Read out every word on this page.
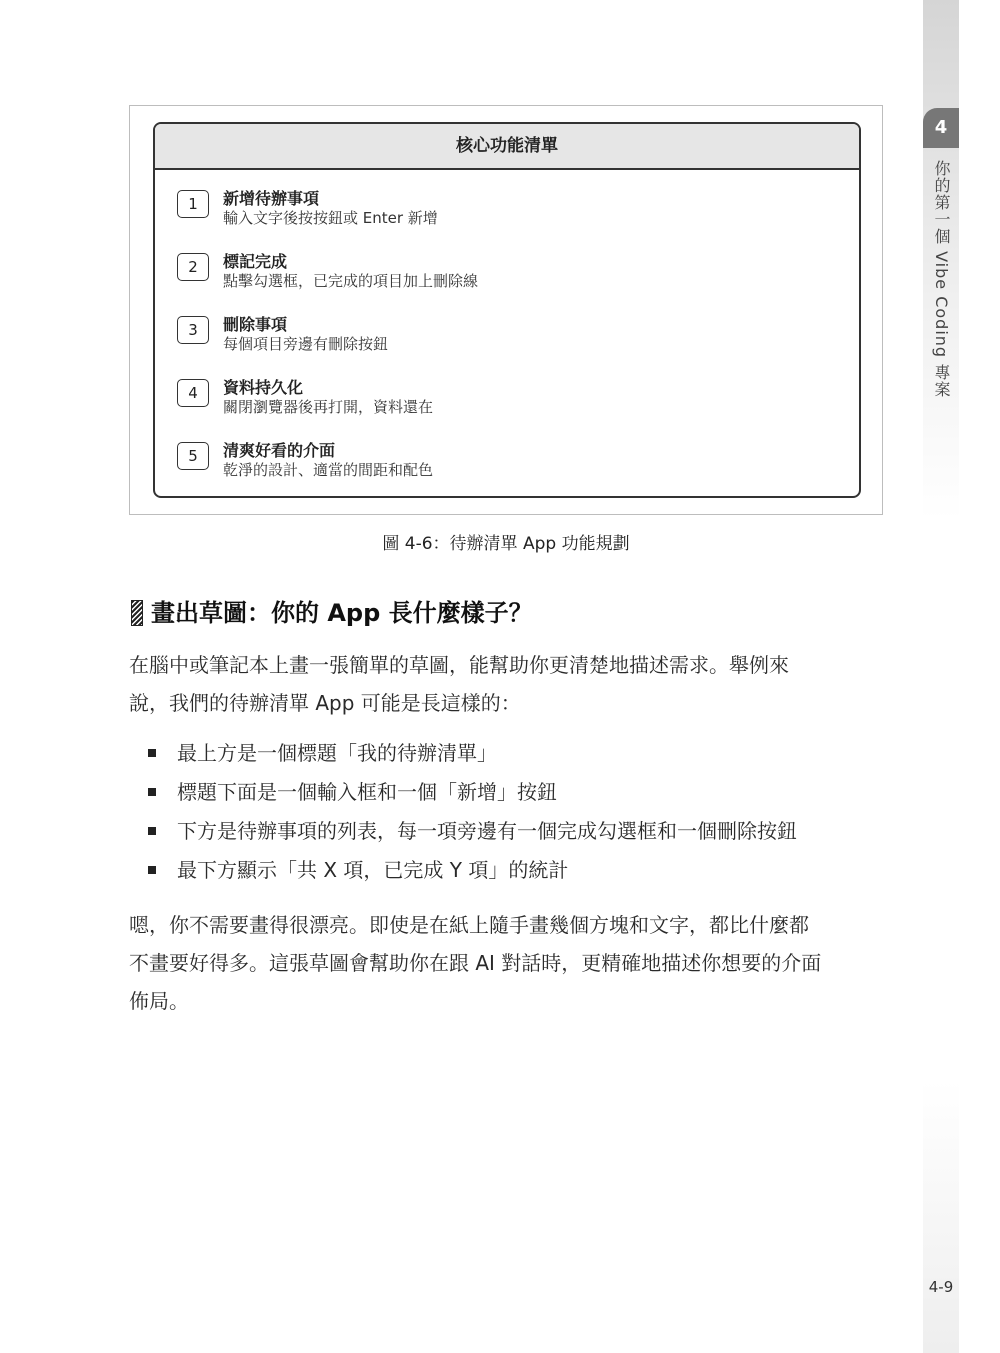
4
你的第一個 Vibe Coding 專案
核心功能清單
1	新增待辦事項
輸入文字後按按鈕或 Enter 新增
2	標記完成
點擊勾選框，已完成的項目加上刪除線
3	刪除事項
每個項目旁邊有刪除按鈕
4	資料持久化
關閉瀏覽器後再打開，資料還在
5	清爽好看的介面
乾淨的設計、適當的間距和配色
圖 4-6：待辦清單 App 功能規劃
畫出草圖：你的 App 長什麼樣子？
在腦中或筆記本上畫一張簡單的草圖，能幫助你更清楚地描述需求。舉例來
說，我們的待辦清單 App 可能是長這樣的：
最上方是一個標題「我的待辦清單」
標題下面是一個輸入框和一個「新增」按鈕
下方是待辦事項的列表，每一項旁邊有一個完成勾選框和一個刪除按鈕
最下方顯示「共 X 項，已完成 Y 項」的統計
嗯，你不需要畫得很漂亮。即使是在紙上隨手畫幾個方塊和文字，都比什麼都
不畫要好得多。這張草圖會幫助你在跟 AI 對話時，更精確地描述你想要的介面
佈局。
4-9
